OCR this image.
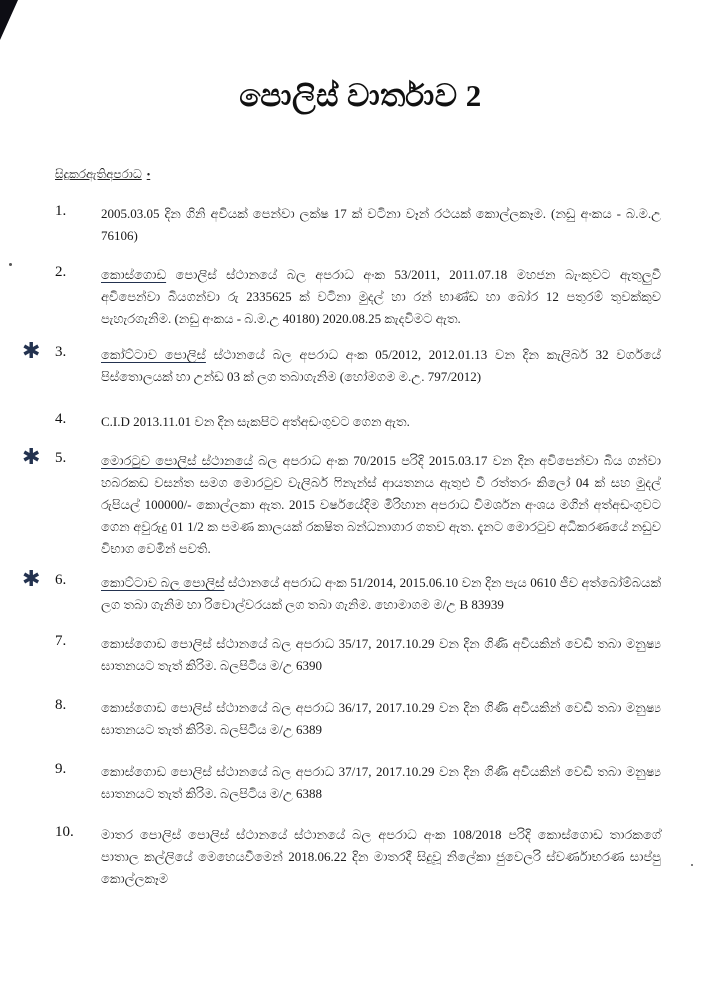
පොලිස් වාර්තාව 2
සිදුකරඇතිඅපරාධ •
1.	2005.03.05 දින ගිනි අවියක් පෙන්වා ලක්ෂ 17 ක් වටිනා වෑන් රථයක් කොල්ලකෑම. (නඩු අංකය - බ.ම.උ 76106)
2.	කොස්ගොඩ පොලිස් ස්ථානයේ බල අපරාධ අංක 53/2011, 2011.07.18 මහජන බැංකුවට ඇතුලුවී අවිපෙන්වා බියගන්වා රු 2335625 ක් වටිනා මුදල් හා රන් භාණ්ඩ හා බෝර 12 පතුරම් තුවක්කුව පැහැරගැනිම. (නඩු අංකය - බ.ම.උ 40180) 2020.08.25 කැදවිමට ඇත.
✱ 3.	කෝට්ටාව පොලිස් ස්ථානයේ බල අපරාධ අංක 05/2012, 2012.01.13 වන දින කැලිබර් 32 වර්ගයේ පිස්තොලයක් හා උන්ඩ 03 ක් ලග තබාගැනිම (හෝමගම ම.උ. 797/2012)
4.	C.I.D 2013.11.01 වන දින සැකපිට අත්අඩංගුවට ගෙන ඇත.
✱ 5.	මොරටුව පොලිස් ස්ථානයේ බල අපරාධ අංක 70/2015 පරිදි 2015.03.17 වන දින අවිපෙන්වා බිය ගන්වා හබරකඩ වසන්ත සමග මොරටුව වැලිබර් ෆිනැන්ස් ආයතනය ඇතුළු වී රත්තරං කිලෝ 04 ක් සහ මුදල් රුපියල් 100000/- කොල්ලකා ඇත. 2015 වර්ෂයේදිම මිරිහාන අපරාධ විමර්ශන අංශය මගින් අත්අඩංගුවට ගෙන අවුරුදු 01 1/2 ක පමණ කාලයක් රකෂිත බන්ධනාගාර ගතව ඇත. දැනට මොරටුව අධිකරණයේ නඩුව විභාග වෙමින් පවති.
✱ 6.	කොට්ටාව බල පොලිස් ස්ථානයේ අපරාධ අංක 51/2014, 2015.06.10 වන දින පැය 0610 ජීව අත්බෝම්බයක් ලග තබා ගැනිම හා රිවොල්වරයක් ලග තබා ගැනිම. හොමාගම ම/උ B 83939
7.	කොස්ගොඩ පොලිස් ස්ථානයේ බල අපරාධ 35/17, 2017.10.29 වන දින ගිණි අවියකින් වෙඩි තබා මනුෂ්‍ය ඝාතනයට තැත් කිරිම. බලපිටිය ම/උ 6390
8.	කොස්ගොඩ පොලිස් ස්ථානයේ බල අපරාධ 36/17, 2017.10.29 වන දින ගිණි අවියකින් වෙඩි තබා මනුෂ්‍ය ඝාතනයට තැත් කිරිම. බලපිටිය ම/උ 6389
9.	කොස්ගොඩ පොලිස් ස්ථානයේ බල අපරාධ 37/17, 2017.10.29 වන දින ගිණි අවියකින් වෙඩි තබා මනුෂ්‍ය ඝාතනයට තැත් කිරිම. බලපිටිය ම/උ 6388
10. මාතර පොලිස් පොලිස් ස්ථානයේ ස්ථානයේ බල අපරාධ අංක 108/2018 පරිදි කොස්ගොඩ තාරකගේ පාතාල කල්ලියේ මෙහෙයවීමෙන් 2018.06.22 දින මාතරදී සිදුවූ නිලේකා ජුවෙලරි ස්වර්ණාභරණ සාප්පු කොල්ලකෑම
